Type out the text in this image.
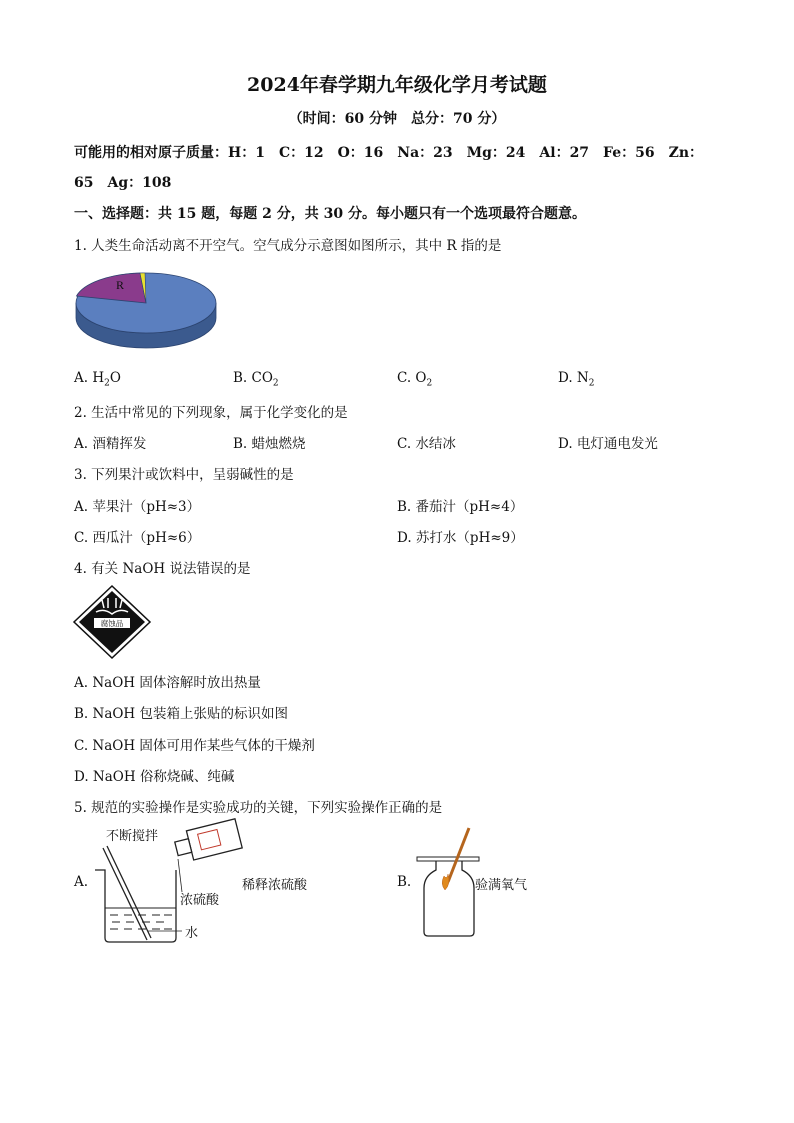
2024年春学期九年级化学月考试题
（时间：60 分钟　总分：70 分）
可能用的相对原子质量：H：1　C：12　O：16　Na：23　Mg：24　Al：27　Fe：56　Zn：
65　Ag：108
一、选择题：共 15 题，每题 2 分，共 30 分。每小题只有一个选项最符合题意。
1. 人类生命活动离不开空气。空气成分示意图如图所示，其中 R 指的是
R
A. $H_2O$	B. $CO_2$	C. $O_2$	D. $N_2$
2. 生活中常见的下列现象，属于化学变化的是
A. 酒精挥发	B. 蜡烛燃烧	C. 水结冰	D. 电灯通电发光
3. 下列果汁或饮料中，呈弱碱性的是
A. 苹果汁（pH≈3）	B. 番茄汁（pH≈4）
C. 西瓜汁（pH≈6）	D. 苏打水（pH≈9）
4. 有关 NaOH 说法错误的是
腐蚀品
A. NaOH 固体溶解时放出热量
B. NaOH 包装箱上张贴的标识如图
C. NaOH 固体可用作某些气体的干燥剂
D. NaOH 俗称烧碱、纯碱
5. 规范的实验操作是实验成功的关键，下列实验操作正确的是
A.
不断搅拌
浓硫酸
水
稀释浓硫酸	B.	验满氧气
